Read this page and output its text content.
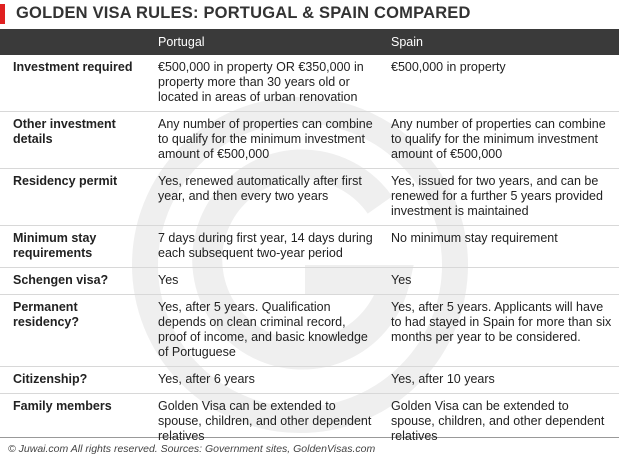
GOLDEN VISA RULES: PORTUGAL & SPAIN COMPARED
	Portugal	Spain
Investment required	€500,000 in property OR €350,000 in property more than 30 years old or located in areas of urban renovation	€500,000 in property
Other investment details	Any number of properties can combine to qualify for the minimum investment amount of €500,000	Any number of properties can combine to qualify for the minimum investment amount of €500,000
Residency permit	Yes, renewed automatically after first year, and then every two years	Yes, issued for two years, and can be renewed for a further 5 years provided investment is maintained
Minimum stay requirements	7 days during first year, 14 days during each subsequent two-year period	No minimum stay requirement
Schengen visa?	Yes	Yes
Permanent residency?	Yes, after 5 years. Qualification depends on clean criminal record, proof of income, and basic knowledge of Portuguese	Yes, after 5 years. Applicants will have to had stayed in Spain for more than six months per year to be considered.
Citizenship?	Yes, after 6 years	Yes, after 10 years
Family members	Golden Visa can be extended to spouse, children, and other dependent relatives	Golden Visa can be extended to spouse, children, and other dependent relatives
© Juwai.com All rights reserved. Sources: Government sites, GoldenVisas.com
